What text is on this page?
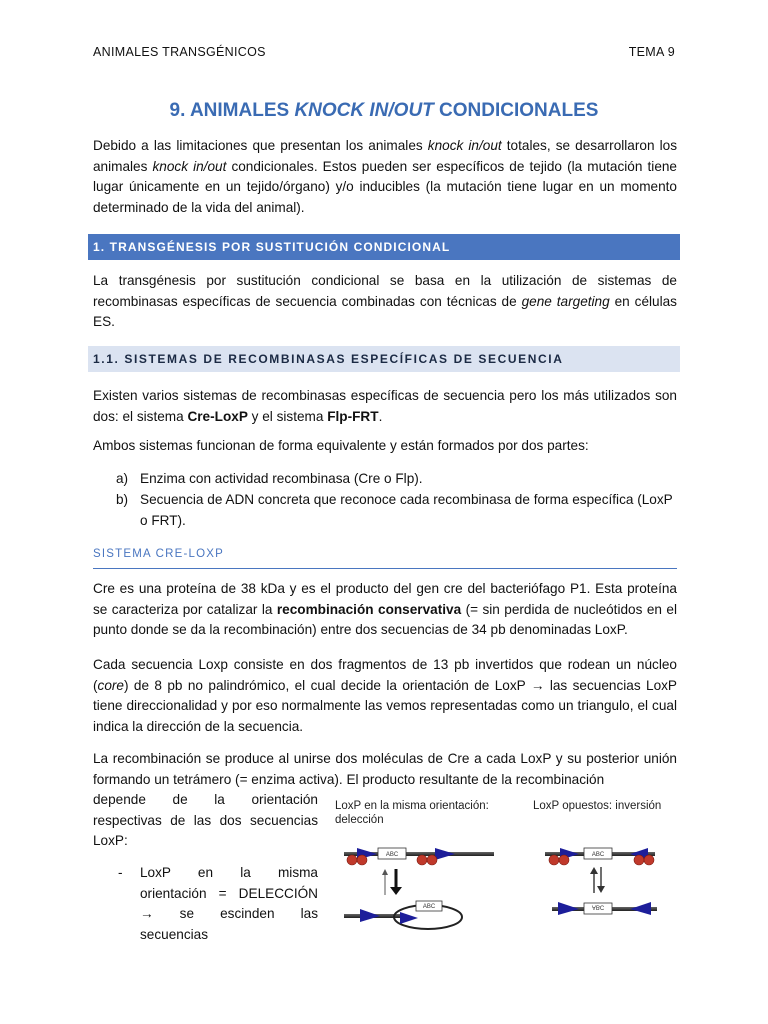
ANIMALES TRANSGÉNICOS	TEMA 9
9. ANIMALES KNOCK IN/OUT CONDICIONALES
Debido a las limitaciones que presentan los animales knock in/out totales, se desarrollaron los animales knock in/out condicionales. Estos pueden ser específicos de tejido (la mutación tiene lugar únicamente en un tejido/órgano) y/o inducibles (la mutación tiene lugar en un momento determinado de la vida del animal).
1. TRANSGÉNESIS POR SUSTITUCIÓN CONDICIONAL
La transgénesis por sustitución condicional se basa en la utilización de sistemas de recombinasas específicas de secuencia combinadas con técnicas de gene targeting en células ES.
1.1. SISTEMAS DE RECOMBINASAS ESPECÍFICAS DE SECUENCIA
Existen varios sistemas de recombinasas específicas de secuencia pero los más utilizados son dos: el sistema Cre-LoxP y el sistema Flp-FRT.
Ambos sistemas funcionan de forma equivalente y están formados por dos partes:
a) Enzima con actividad recombinasa (Cre o Flp).
b) Secuencia de ADN concreta que reconoce cada recombinasa de forma específica (LoxP o FRT).
SISTEMA CRE-LOXP
Cre es una proteína de 38 kDa y es el producto del gen cre del bacteriófago P1. Esta proteína se caracteriza por catalizar la recombinación conservativa (= sin perdida de nucleótidos en el punto donde se da la recombinación) entre dos secuencias de 34 pb denominadas LoxP.
Cada secuencia Loxp consiste en dos fragmentos de 13 pb invertidos que rodean un núcleo (core) de 8 pb no palindrómico, el cual decide la orientación de LoxP → las secuencias LoxP tiene direccionalidad y por eso normalmente las vemos representadas como un triangulo, el cual indica la dirección de la secuencia.
La recombinación se produce al unirse dos moléculas de Cre a cada LoxP y su posterior unión formando un tetrámero (= enzima activa). El producto resultante de la recombinación
depende de la orientación respectivas de las dos secuencias LoxP:
- LoxP en la misma orientación = DELECCIÓN → se escinden las secuencias
LoxP en la misma orientación: delección
LoxP opuestos: inversión
ABC
ABC
ABC
ABC
